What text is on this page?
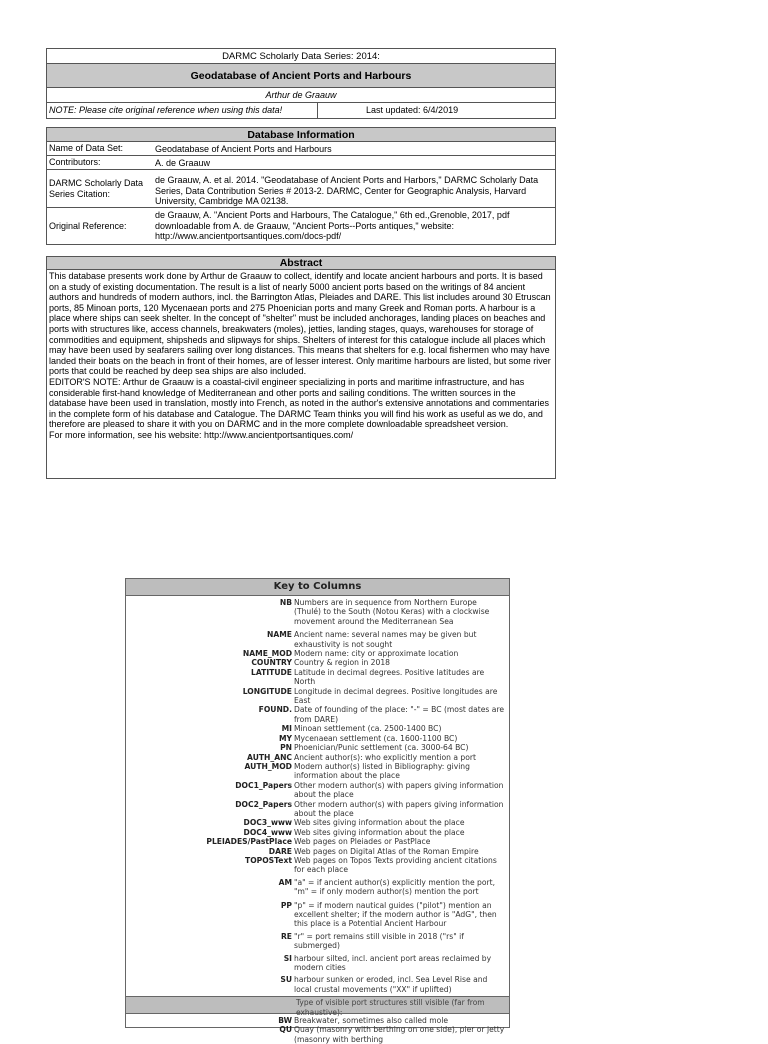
DARMC Scholarly Data Series: 2014:
Geodatabase of Ancient Ports and Harbours
Arthur de Graauw
NOTE: Please cite original reference when using this data!	Last updated: 6/4/2019
Database Information
Name of Data Set:	Geodatabase of Ancient Ports and Harbours
Contributors:	A. de Graauw
DARMC Scholarly Data Series Citation:
de Graauw, A. et al. 2014. "Geodatabase of Ancient Ports and Harbors," DARMC Scholarly Data Series, Data Contribution Series # 2013-2. DARMC, Center for Geographic Analysis, Harvard University, Cambridge MA 02138.
Original Reference:
de Graauw, A. "Ancient Ports and Harbours, The Catalogue," 6th ed.,Grenoble, 2017, pdf downloadable from A. de Graauw, "Ancient Ports--Ports antiques," website: http://www.ancientportsantiques.com/docs-pdf/
Abstract

This database presents work done by Arthur de Graauw to collect, identify and locate ancient harbours and ports. It is based on a study of existing documentation. The result is a list of nearly 5000 ancient ports based on the writings of 84 ancient authors and hundreds of modern authors, incl. the Barrington Atlas, Pleiades and DARE. This list includes around 30 Etruscan ports, 85 Minoan ports, 120 Mycenaean ports and 275 Phoenician ports and many Greek and Roman ports. A harbour is a place where ships can seek shelter. In the concept of "shelter" must be included anchorages, landing places on beaches and ports with structures like, access channels, breakwaters (moles), jetties, landing stages, quays, warehouses for storage of commodities and equipment, shipsheds and slipways for ships. Shelters of interest for this catalogue include all places which may have been used by seafarers sailing over long distances. This means that shelters for e.g. local fishermen who may have landed their boats on the beach in front of their homes, are of lesser interest. Only maritime harbours are listed, but some river ports that could be reached by deep sea ships are also included.

EDITOR'S NOTE: Arthur de Graauw is a coastal-civil engineer specializing in ports and maritime infrastructure, and has considerable first-hand knowledge of Mediterranean and other ports and sailing conditions. The written sources in the database have been used in translation, mostly into French, as noted in the author's extensive annotations and commentaries in the complete form of his database and Catalogue. The DARMC Team thinks you will find his work as useful as we do, and therefore are pleased to share it with you on DARMC and in the more complete downloadable spreadsheet version.

For more information, see his website: http://www.ancientportsantiques.com/

Key to Columns
NB Numbers are in sequence from Northern Europe (Thulé) to the South (Notou Keras) with a clockwise movement around the Mediterranean Sea
NAME Ancient name: several names may be given but exhaustivity is not sought
NAME_MOD Modern name: city or approximate location
COUNTRY Country & region in 2018
LATITUDE Latitude in decimal degrees. Positive latitudes are North
LONGITUDE Longitude in decimal degrees. Positive longitudes are East
FOUND. Date of founding of the place: "-" = BC (most dates are from DARE)
MI Minoan settlement (ca. 2500-1400 BC)
MY Mycenaean settlement (ca. 1600-1100 BC)
PN Phoenician/Punic settlement (ca. 3000-64 BC)
AUTH_ANC Ancient author(s): who explicitly mention a port
AUTH_MOD Modern author(s) listed in Bibliography: giving information about the place
DOC1_Papers Other modern author(s) with papers giving information about the place
DOC2_Papers Other modern author(s) with papers giving information about the place
DOC3_www Web sites giving information about the place
DOC4_www Web sites giving information about the place
PLEIADES/PastPlace Web pages on Pleiades or PastPlace
DARE Web pages on Digital Atlas of the Roman Empire
TOPOSText Web pages on Topos Texts providing ancient citations for each place
AM "a" = if ancient author(s) explicitly mention the port, "m" = if only modern author(s) mention the port
PP "p" = if modern nautical guides ("pilot") mention an excellent shelter; if the modern author is "AdG", then this place is a Potential Ancient Harbour
RE "r" = port remains still visible in 2018 ("rs" if submerged)
SI harbour silted, incl. ancient port areas reclaimed by modern cities
SU harbour sunken or eroded, incl. Sea Level Rise and local crustal movements ("XX" if uplifted)
Type of visible port structures still visible (far from exhaustive):
BW Breakwater, sometimes also called mole
QU Quay (masonry with berthing on one side), pier or jetty (masonry with berthing
